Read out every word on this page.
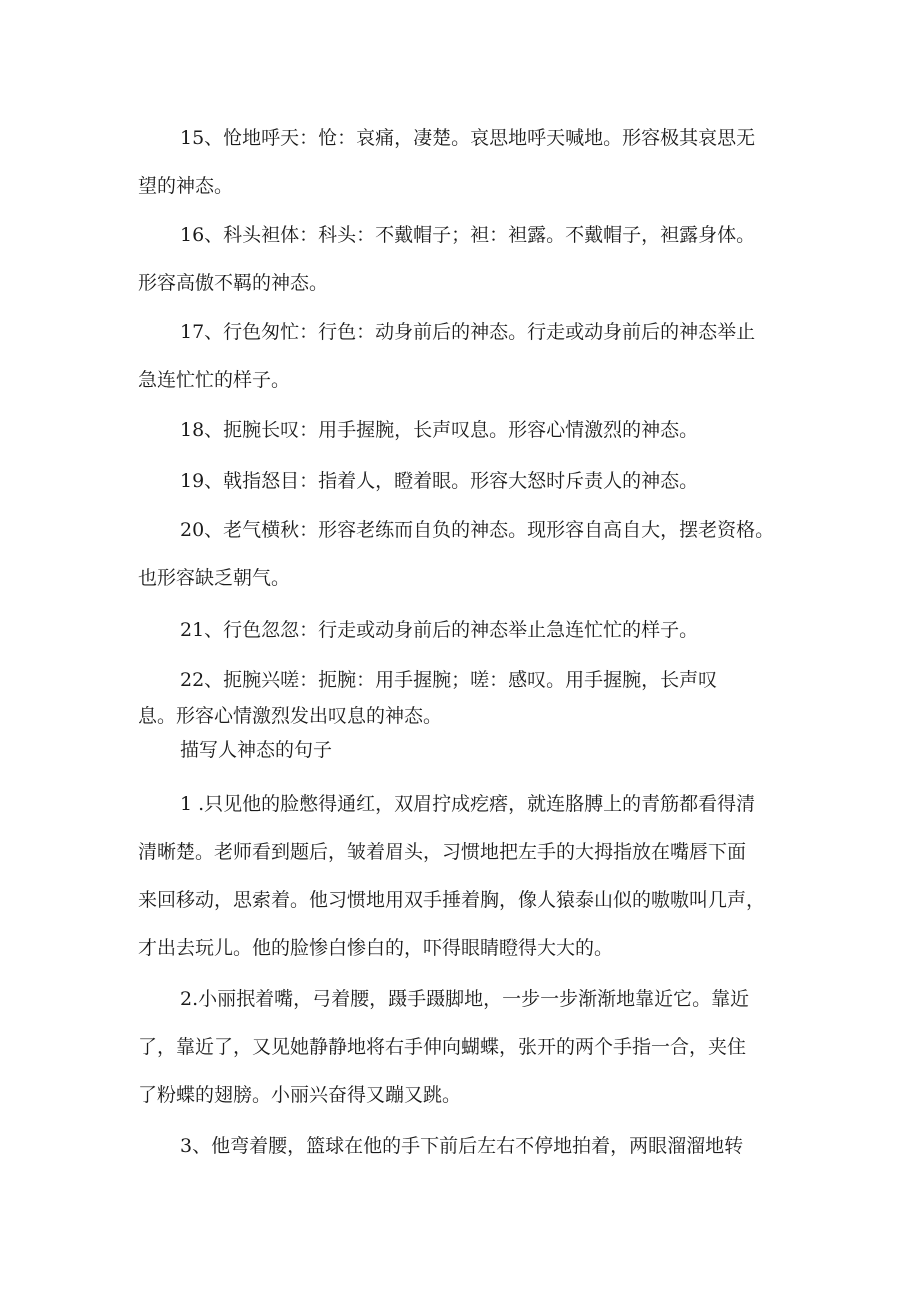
15、怆地呼天：怆：哀痛，凄楚。哀思地呼天喊地。形容极其哀思无
望的神态。

16、科头袒体：科头：不戴帽子；袒：袒露。不戴帽子，袒露身体。
形容高傲不羁的神态。

17、行色匆忙：行色：动身前后的神态。行走或动身前后的神态举止
急连忙忙的样子。

18、扼腕长叹：用手握腕，长声叹息。形容心情激烈的神态。

19、戟指怒目：指着人，瞪着眼。形容大怒时斥责人的神态。

20、老气横秋：形容老练而自负的神态。现形容自高自大，摆老资格。
也形容缺乏朝气。

21、行色忽忽：行走或动身前后的神态举止急连忙忙的样子。

22、扼腕兴嗟：扼腕：用手握腕；嗟：感叹。用手握腕，长声叹
息。形容心情激烈发出叹息的神态。

描写人神态的句子

1 .只见他的脸憋得通红，双眉拧成疙瘩，就连胳膊上的青筋都看得清
清晰楚。老师看到题后，皱着眉头，习惯地把左手的大拇指放在嘴唇下面
来回移动，思索着。他习惯地用双手捶着胸，像人猿泰山似的嗷嗷叫几声，
才出去玩儿。他的脸惨白惨白的，吓得眼睛瞪得大大的。

2.小丽抿着嘴，弓着腰，蹑手蹑脚地，一步一步渐渐地靠近它。靠近
了，靠近了，又见她静静地将右手伸向蝴蝶，张开的两个手指一合，夹住
了粉蝶的翅膀。小丽兴奋得又蹦又跳。

3、他弯着腰，篮球在他的手下前后左右不停地拍着，两眼溜溜地转
